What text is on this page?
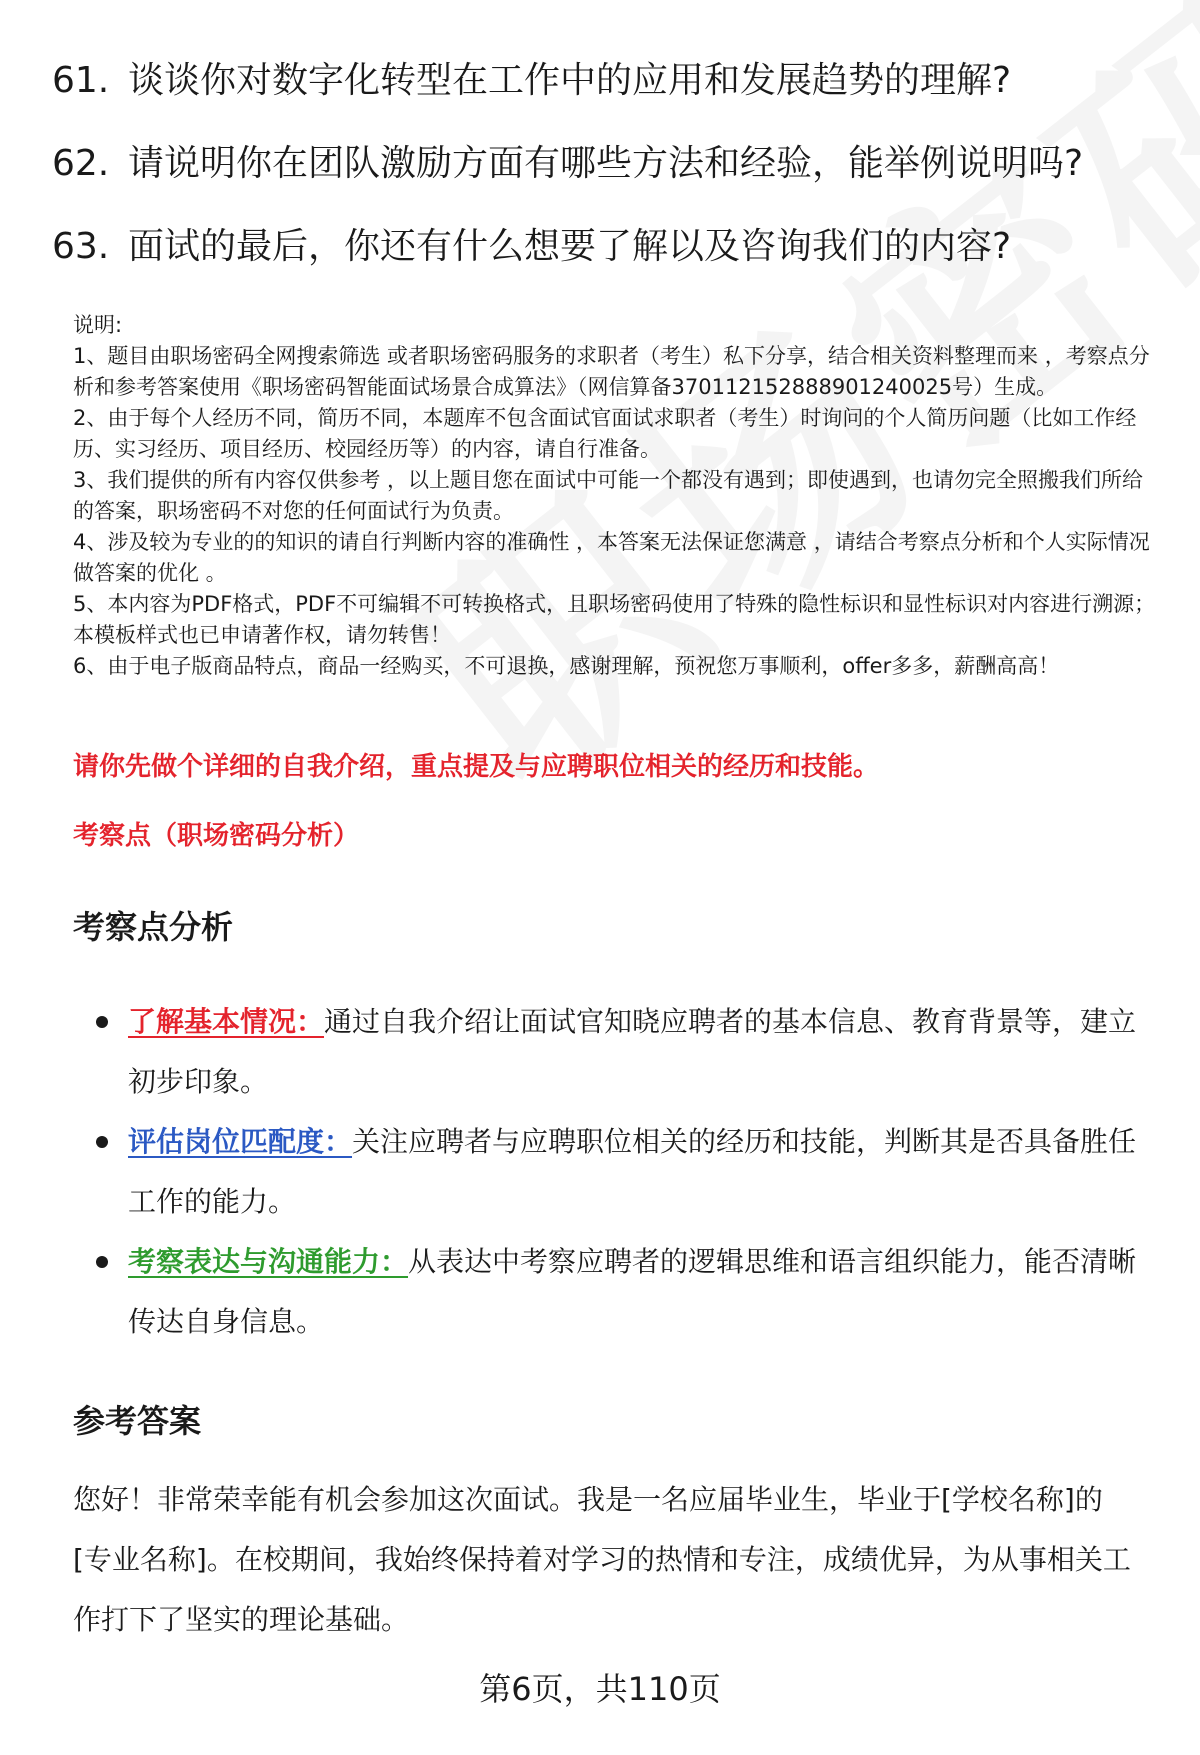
61. 谈谈你对数字化转型在工作中的应用和发展趋势的理解?
62. 请说明你在团队激励方面有哪些方法和经验，能举例说明吗?
63. 面试的最后，你还有什么想要了解以及咨询我们的内容?
说明:
1、题目由职场密码全网搜索筛选 或者职场密码服务的求职者（考生）私下分享，结合相关资料整理而来 ，考察点分析和参考答案使用《职场密码智能面试场景合成算法》（网信算备370112152888901240025号）生成。
2、由于每个人经历不同，简历不同，本题库不包含面试官面试求职者（考生）时询问的个人简历问题（比如工作经历、实习经历、项目经历、校园经历等）的内容，请自行准备。
3、我们提供的所有内容仅供参考 ，以上题目您在面试中可能一个都没有遇到；即使遇到，也请勿完全照搬我们所给的答案，职场密码不对您的任何面试行为负责。
4、涉及较为专业的的知识的请自行判断内容的准确性 ，本答案无法保证您满意 ，请结合考察点分析和个人实际情况做答案的优化 。
5、本内容为PDF格式，PDF不可编辑不可转换格式，且职场密码使用了特殊的隐性标识和显性标识对内容进行溯源；本模板样式也已申请著作权，请勿转售！
6、由于电子版商品特点，商品一经购买，不可退换，感谢理解，预祝您万事顺利，offer多多，薪酬高高！
请你先做个详细的自我介绍，重点提及与应聘职位相关的经历和技能。
考察点（职场密码分析）
考察点分析
了解基本情况：通过自我介绍让面试官知晓应聘者的基本信息、教育背景等，建立初步印象。
评估岗位匹配度：关注应聘者与应聘职位相关的经历和技能，判断其是否具备胜任工作的能力。
考察表达与沟通能力：从表达中考察应聘者的逻辑思维和语言组织能力，能否清晰传达自身信息。
参考答案
您好！非常荣幸能有机会参加这次面试。我是一名应届毕业生，毕业于[学校名称]的[专业名称]。在校期间，我始终保持着对学习的热情和专注，成绩优异，为从事相关工作打下了坚实的理论基础。
第6页，共110页
